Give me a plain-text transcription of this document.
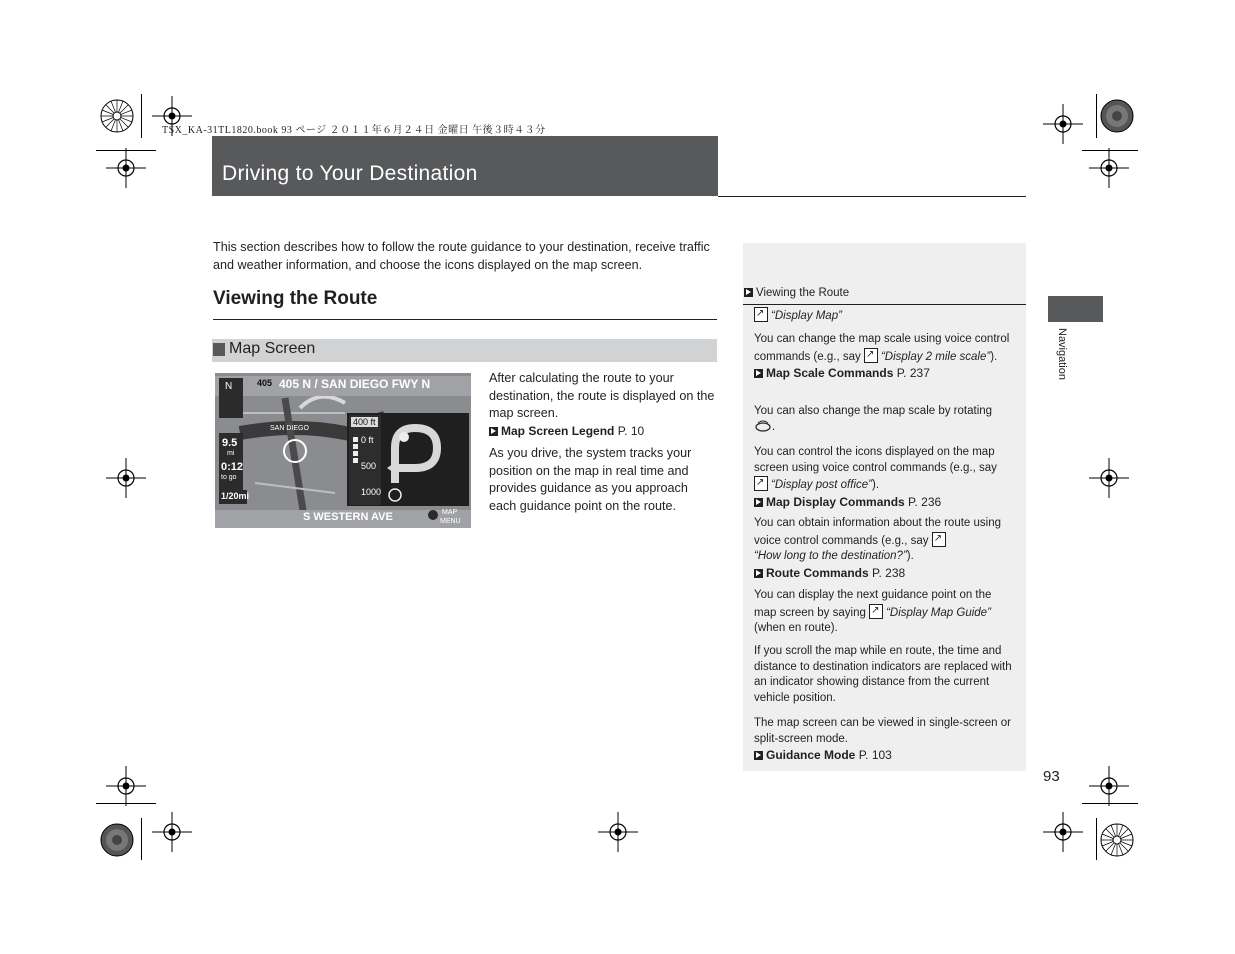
TSX_KA-31TL1820.book 93 ページ ２０１１年６月２４日 金曜日 午後３時４３分
Driving to Your Destination
This section describes how to follow the route guidance to your destination, receive traffic and weather information, and choose the icons displayed on the map screen.
Viewing the Route
Map Screen
N	405 405 N / SAN DIEGO FWY N
SAN DIEGO
9.5
mi
0:12
to go
1/20mi
400 ft
0 ft
500
1000
S WESTERN AVE	MAP
MENU
After calculating the route to your destination, the route is displayed on the map screen.
Map Screen Legend P. 10
As you drive, the system tracks your position on the map in real time and provides guidance as you approach each guidance point on the route.
Viewing the Route
↗“Display Map”
You can change the map scale using voice control commands (e.g., say ↗ “Display 2 mile scale”).
Map Scale Commands P. 237
You can also change the map scale by rotating
.
You can control the icons displayed on the map screen using voice control commands (e.g., say
↗“Display post office”).
Map Display Commands P. 236
You can obtain information about the route using voice control commands (e.g., say ↗
“How long to the destination?”).
Route Commands P. 238
You can display the next guidance point on the map screen by saying ↗ “Display Map Guide”
(when en route).
If you scroll the map while en route, the time and distance to destination indicators are replaced with an indicator showing distance from the current vehicle position.
The map screen can be viewed in single-screen or split-screen mode.
Guidance Mode P. 103
Navigation
93
